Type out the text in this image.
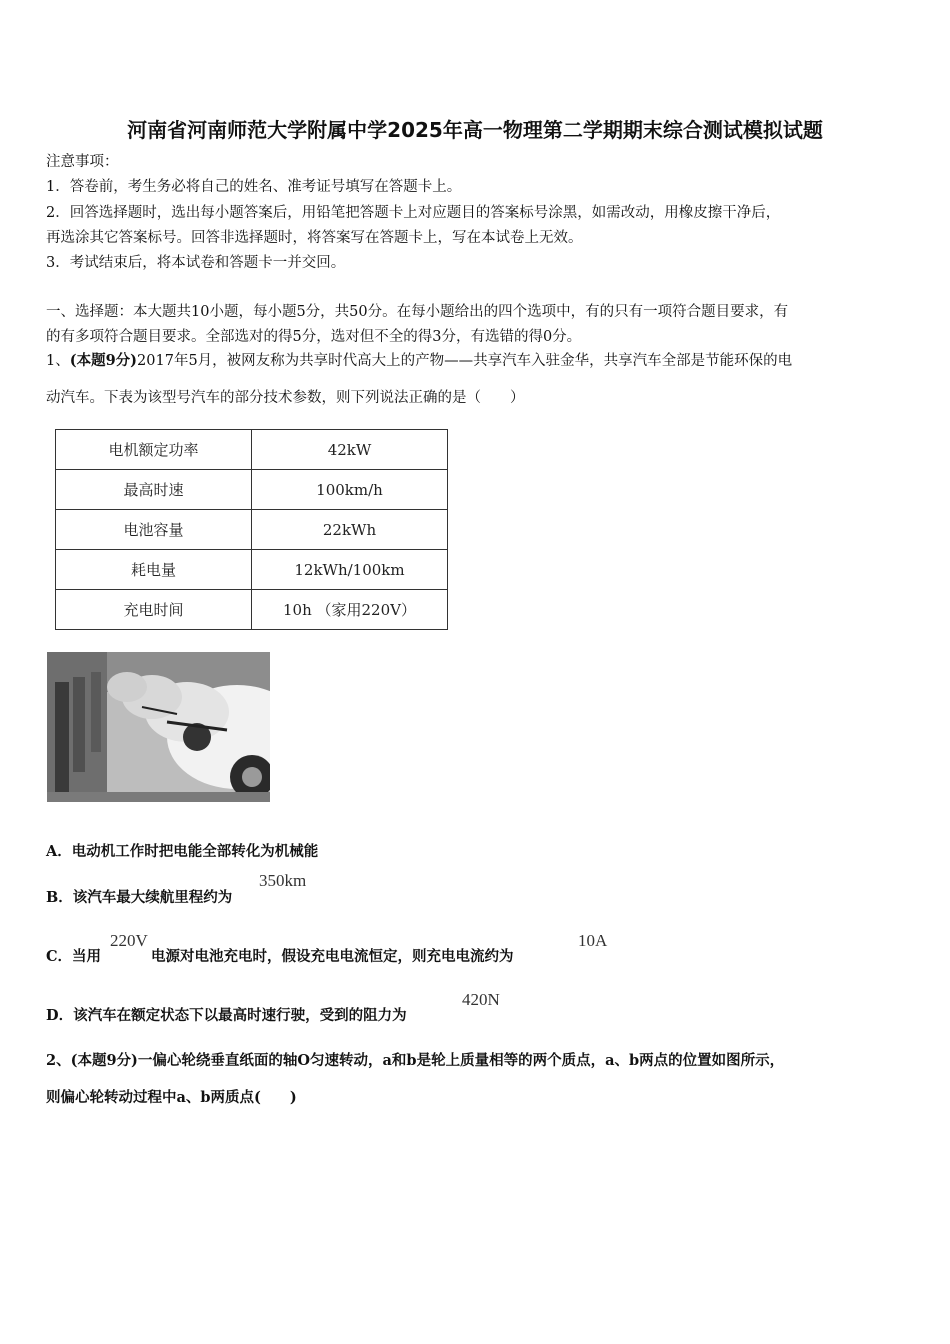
河南省河南师范大学附属中学2025年高一物理第二学期期末综合测试模拟试题
注意事项：
1．答卷前，考生务必将自己的姓名、准考证号填写在答题卡上。
2．回答选择题时，选出每小题答案后，用铅笔把答题卡上对应题目的答案标号涂黑，如需改动，用橡皮擦干净后，
再选涂其它答案标号。回答非选择题时，将答案写在答题卡上，写在本试卷上无效。
3．考试结束后，将本试卷和答题卡一并交回。
一、选择题：本大题共10小题，每小题5分，共50分。在每小题给出的四个选项中，有的只有一项符合题目要求，有
的有多项符合题目要求。全部选对的得5分，选对但不全的得3分，有选错的得0分。
1、(本题9分)2017年5月，被网友称为共享时代高大上的产物——共享汽车入驻金华，共享汽车全部是节能环保的电
动汽车。下表为该型号汽车的部分技术参数，则下列说法正确的是（　　）
电机额定功率	42kW
最高时速	100km/h
电池容量	22kWh
耗电量	12kWh/100km
充电时间	10h （家用220V）
A．电动机工作时把电能全部转化为机械能
B．该汽车最大续航里程约为
350km
C．当用	电源对电池充电时，假设充电电流恒定，则充电电流约为
220V	10A
D．该汽车在额定状态下以最高时速行驶，受到的阻力为
420N
2、(本题9分)一偏心轮绕垂直纸面的轴O匀速转动，a和b是轮上质量相等的两个质点，a、b两点的位置如图所示，
则偏心轮转动过程中a、b两质点(　　)
